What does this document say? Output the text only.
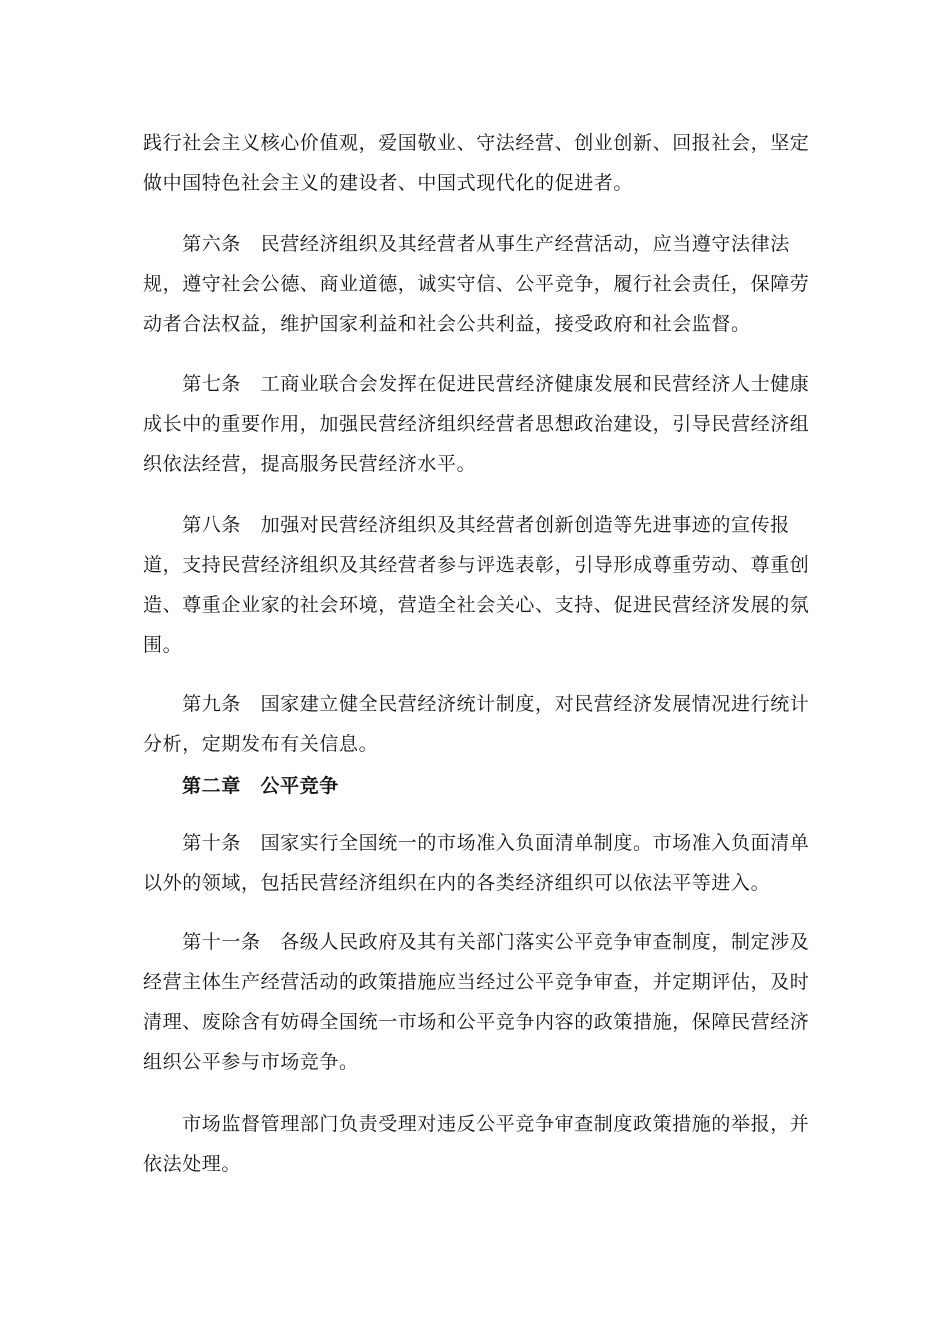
践行社会主义核心价值观，爱国敬业、守法经营、创业创新、回报社会，坚定
做中国特色社会主义的建设者、中国式现代化的促进者。

　　第六条　民营经济组织及其经营者从事生产经营活动，应当遵守法律法
规，遵守社会公德、商业道德，诚实守信、公平竞争，履行社会责任，保障劳
动者合法权益，维护国家利益和社会公共利益，接受政府和社会监督。

　　第七条　工商业联合会发挥在促进民营经济健康发展和民营经济人士健康
成长中的重要作用，加强民营经济组织经营者思想政治建设，引导民营经济组
织依法经营，提高服务民营经济水平。

　　第八条　加强对民营经济组织及其经营者创新创造等先进事迹的宣传报
道，支持民营经济组织及其经营者参与评选表彰，引导形成尊重劳动、尊重创
造、尊重企业家的社会环境，营造全社会关心、支持、促进民营经济发展的氛
围。

　　第九条　国家建立健全民营经济统计制度，对民营经济发展情况进行统计
分析，定期发布有关信息。

第二章　公平竞争

　　第十条　国家实行全国统一的市场准入负面清单制度。市场准入负面清单
以外的领域，包括民营经济组织在内的各类经济组织可以依法平等进入。

　　第十一条　各级人民政府及其有关部门落实公平竞争审查制度，制定涉及
经营主体生产经营活动的政策措施应当经过公平竞争审查，并定期评估，及时
清理、废除含有妨碍全国统一市场和公平竞争内容的政策措施，保障民营经济
组织公平参与市场竞争。

　　市场监督管理部门负责受理对违反公平竞争审查制度政策措施的举报，并
依法处理。
